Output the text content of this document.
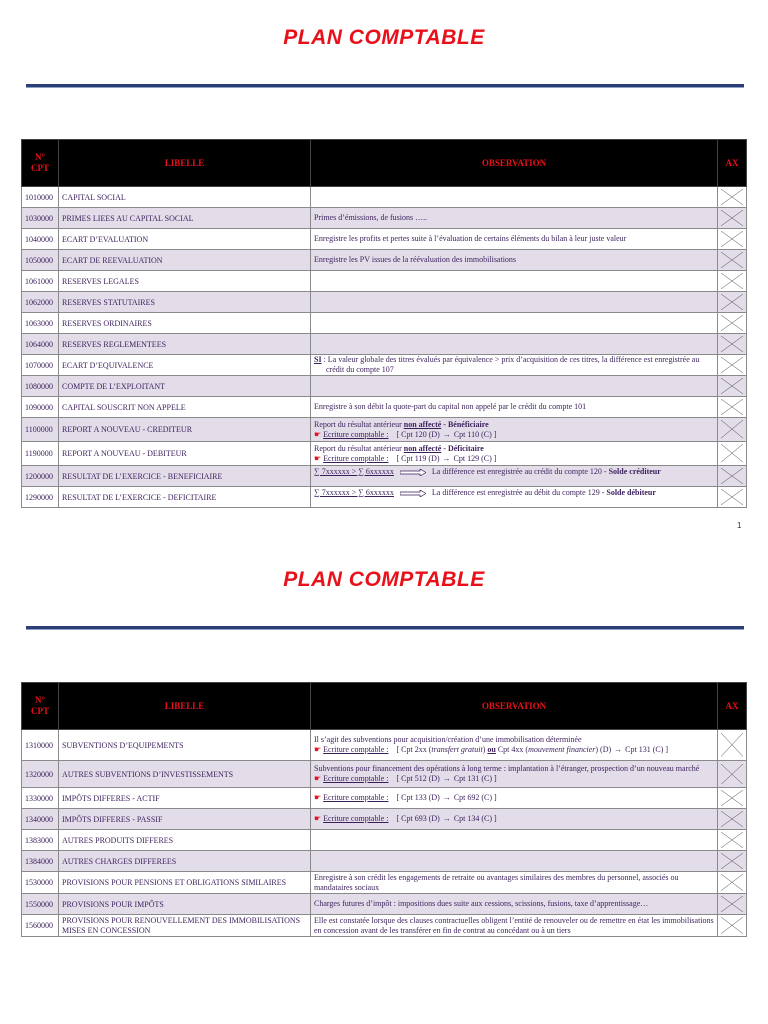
PLAN COMPTABLE
N°
CPT	LIBELLE	OBSERVATION	AX
1010000	CAPITAL SOCIAL		

1030000	PRIMES LIEES AU CAPITAL SOCIAL	Primes d’émissions, de fusions …..	

1040000	ECART D’EVALUATION	Enregistre les profits et pertes suite à l’évaluation de certains éléments du bilan à leur juste valeur	

1050000	ECART DE REEVALUATION	Enregistre les PV issues de la réévaluation des immobilisations	

1061000	RESERVES LEGALES		

1062000	RESERVES STATUTAIRES		

1063000	RESERVES ORDINAIRES		

1064000	RESERVES REGLEMENTEES		

1070000	ECART D’EQUIVALENCE	SI : La valeur globale des titres évalués par équivalence > prix d’acquisition de ces titres, la différence est enregistrée au
crédit du compte 107

1080000	COMPTE DE L’EXPLOITANT		

1090000	CAPITAL SOUSCRIT NON APPELE	Enregistre à son débit la quote-part du capital non appelé par le crédit du compte 101	

1100000	REPORT A NOUVEAU - CREDITEUR	Report du résultat antérieur non affecté - Bénéficiaire
☛ Ecriture comptable : [ Cpt 120 (D) → Cpt 110 (C) ]	

1190000	REPORT A NOUVEAU - DEBITEUR	Report du résultat antérieur non affecté - Déficitaire
☛ Ecriture comptable : [ Cpt 119 (D) → Cpt 129 (C) ]	

1200000	RESULTAT DE L’EXERCICE - BENEFICIAIRE	∑ 7xxxxxx > ∑ 6xxxxxx La différence est enregistrée au crédit du compte 120 - Solde créditeur	

1290000	RESULTAT DE L’EXERCICE - DEFICITAIRE	∑ 7xxxxxx > ∑ 6xxxxxx La différence est enregistrée au débit du compte 129 - Solde débiteur	
1
PLAN COMPTABLE
N°
CPT	LIBELLE	OBSERVATION	AX
1310000	SUBVENTIONS D’EQUIPEMENTS	Il s’agit des subventions pour acquisition/création d’une immobilisation déterminée
☛ Ecriture comptable : [ Cpt 2xx (transfert gratuit) ou Cpt 4xx (mouvement financier) (D) → Cpt 131 (C) ]	

1320000	AUTRES SUBVENTIONS D’INVESTISSEMENTS	Subventions pour financement des opérations à long terme : implantation à l’étranger, prospection d’un nouveau marché
☛ Ecriture comptable : [ Cpt 512 (D) → Cpt 131 (C) ]	

1330000	IMPÔTS DIFFERES - ACTIF	☛ Ecriture comptable : [ Cpt 133 (D) → Cpt 692 (C) ]	

1340000	IMPÔTS DIFFERES - PASSIF	☛ Ecriture comptable : [ Cpt 693 (D) → Cpt 134 (C) ]	

1383000	AUTRES PRODUITS DIFFERES		

1384000	AUTRES CHARGES DIFFEREES		

1530000	PROVISIONS POUR PENSIONS ET OBLIGATIONS SIMILAIRES	Enregistre à son crédit les engagements de retraite ou avantages similaires des membres du personnel, associés ou mandataires sociaux	

1550000	PROVISIONS POUR IMPÔTS	Charges futures d’impôt : impositions dues suite aux cessions, scissions, fusions, taxe d’apprentissage…	

1560000	PROVISIONS POUR RENOUVELLEMENT DES IMMOBILISATIONS MISES EN CONCESSION	Elle est constatée lorsque des clauses contractuelles obligent l’entité de renouveler ou de remettre en état les immobilisations en concession avant de les transférer en fin de contrat au concédant ou à un tiers	
